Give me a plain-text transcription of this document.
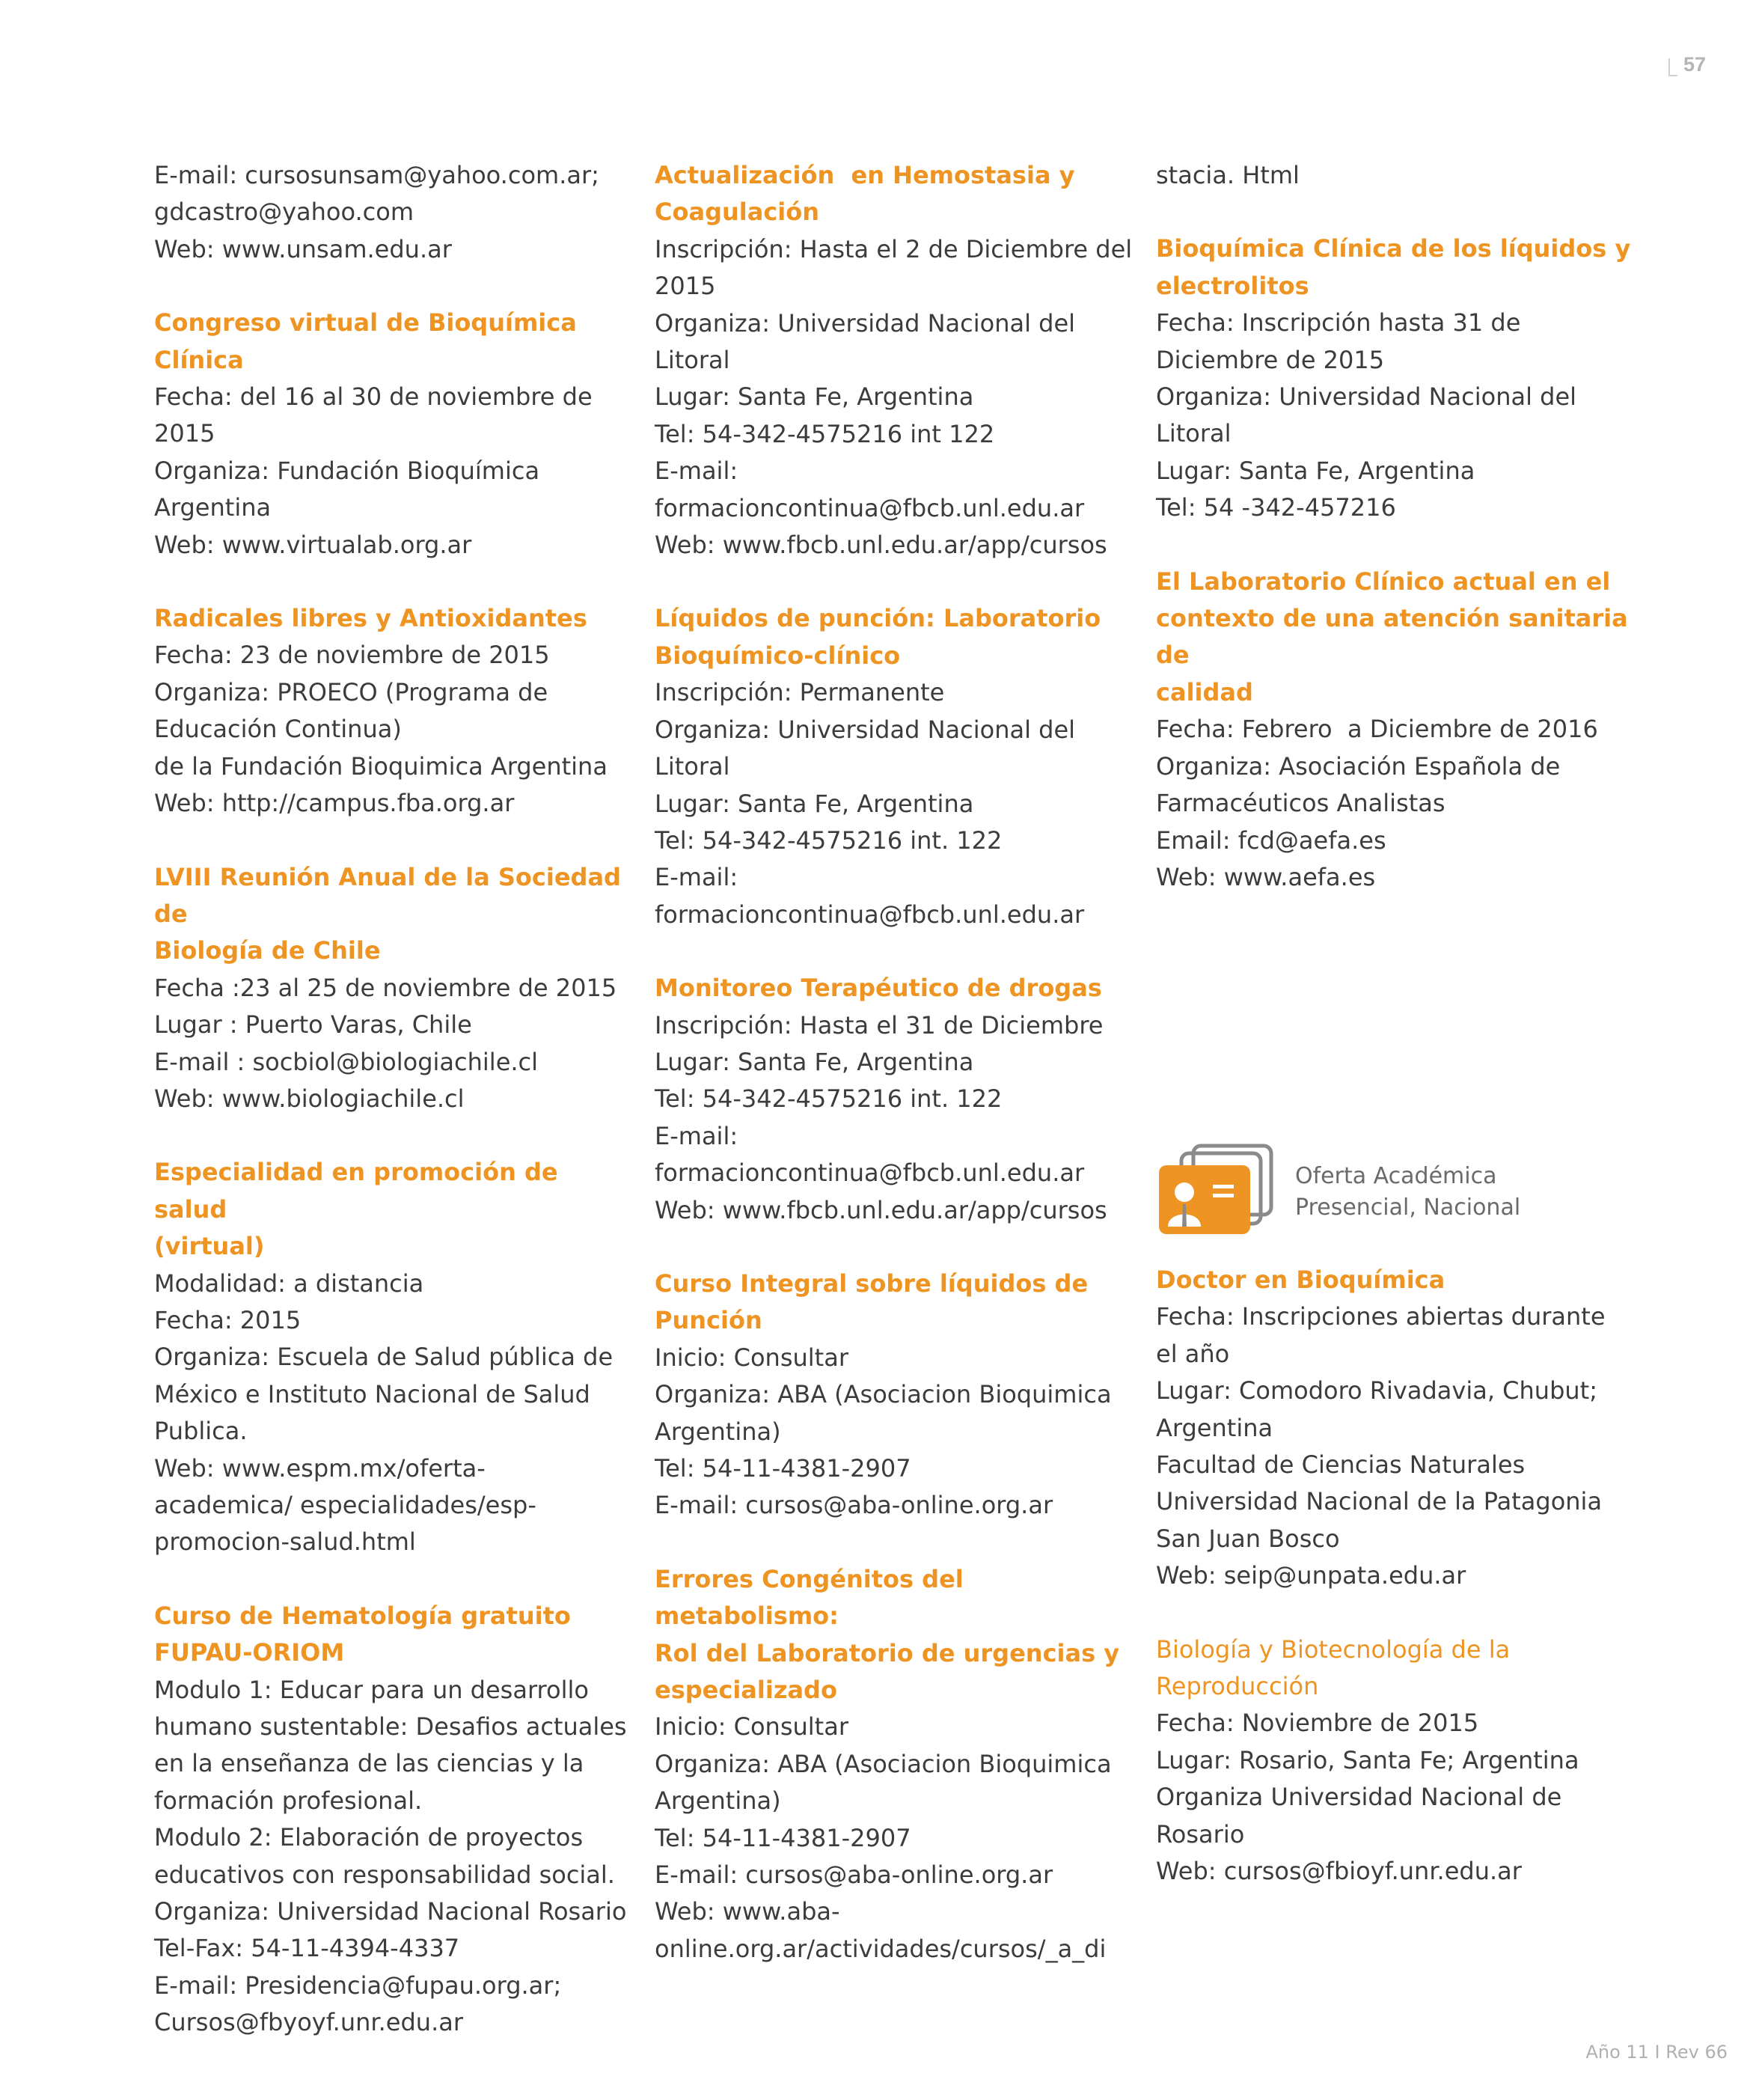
57
E-mail: cursosunsam@yahoo.com.ar;
gdcastro@yahoo.com
Web: www.unsam.edu.ar
Congreso virtual de Bioquímica Clínica
Fecha: del 16 al 30 de noviembre de
2015
Organiza: Fundación Bioquímica
Argentina
Web: www.virtualab.org.ar
Radicales libres y Antioxidantes
Fecha: 23 de noviembre de 2015
Organiza: PROECO (Programa de
Educación Continua)
de la Fundación Bioquimica Argentina
Web: http://campus.fba.org.ar
LVIII Reunión Anual de la Sociedad de
Biología de Chile
Fecha :23 al 25 de noviembre de 2015
Lugar : Puerto Varas, Chile
E-mail : socbiol@biologiachile.cl
Web: www.biologiachile.cl
Especialidad en promoción de salud
(virtual)
Modalidad: a distancia
Fecha: 2015
Organiza: Escuela de Salud pública de
México e Instituto Nacional de Salud
Publica.
Web: www.espm.mx/oferta-
academica/ especialidades/esp-
promocion-salud.html
Curso de Hematología gratuito
FUPAU-ORIOM
Modulo 1: Educar para un desarrollo
humano sustentable: Desafios actuales
en la enseñanza de las ciencias y la
formación profesional.
Modulo 2: Elaboración de proyectos
educativos con responsabilidad social.
Organiza: Universidad Nacional Rosario
Tel-Fax: 54-11-4394-4337
E-mail: Presidencia@fupau.org.ar;
Cursos@fbyoyf.unr.edu.ar
Actualización  en Hemostasia y
Coagulación
Inscripción: Hasta el 2 de Diciembre del
2015
Organiza: Universidad Nacional del
Litoral
Lugar: Santa Fe, Argentina
Tel: 54-342-4575216 int 122
E-mail:
formacioncontinua@fbcb.unl.edu.ar
Web: www.fbcb.unl.edu.ar/app/cursos
Líquidos de punción: Laboratorio
Bioquímico-clínico
Inscripción: Permanente
Organiza: Universidad Nacional del
Litoral
Lugar: Santa Fe, Argentina
Tel: 54-342-4575216 int. 122
E-mail:
formacioncontinua@fbcb.unl.edu.ar
Monitoreo Terapéutico de drogas
Inscripción: Hasta el 31 de Diciembre
Lugar: Santa Fe, Argentina
Tel: 54-342-4575216 int. 122
E-mail:
formacioncontinua@fbcb.unl.edu.ar
Web: www.fbcb.unl.edu.ar/app/cursos
Curso Integral sobre líquidos de
Punción
Inicio: Consultar
Organiza: ABA (Asociacion Bioquimica
Argentina)
Tel: 54-11-4381-2907
E-mail: cursos@aba-online.org.ar
Errores Congénitos del metabolismo:
Rol del Laboratorio de urgencias y
especializado
Inicio: Consultar
Organiza: ABA (Asociacion Bioquimica
Argentina)
Tel: 54-11-4381-2907
E-mail: cursos@aba-online.org.ar
Web: www.aba-
online.org.ar/actividades/cursos/_a_di
stacia. Html
Bioquímica Clínica de los líquidos y
electrolitos
Fecha: Inscripción hasta 31 de
Diciembre de 2015
Organiza: Universidad Nacional del
Litoral
Lugar: Santa Fe, Argentina
Tel: 54 -342-457216
El Laboratorio Clínico actual en el
contexto de una atención sanitaria de
calidad
Fecha: Febrero  a Diciembre de 2016
Organiza: Asociación Española de
Farmacéuticos Analistas
Email: fcd@aefa.es
Web: www.aefa.es
Oferta Académica
Presencial, Nacional
Doctor en Bioquímica
Fecha: Inscripciones abiertas durante
el año
Lugar: Comodoro Rivadavia, Chubut;
Argentina
Facultad de Ciencias Naturales
Universidad Nacional de la Patagonia
San Juan Bosco
Web: seip@unpata.edu.ar
Biología y Biotecnología de la
Reproducción
Fecha: Noviembre de 2015
Lugar: Rosario, Santa Fe; Argentina
Organiza Universidad Nacional de
Rosario
Web: cursos@fbioyf.unr.edu.ar
Año 11 I Rev 66
